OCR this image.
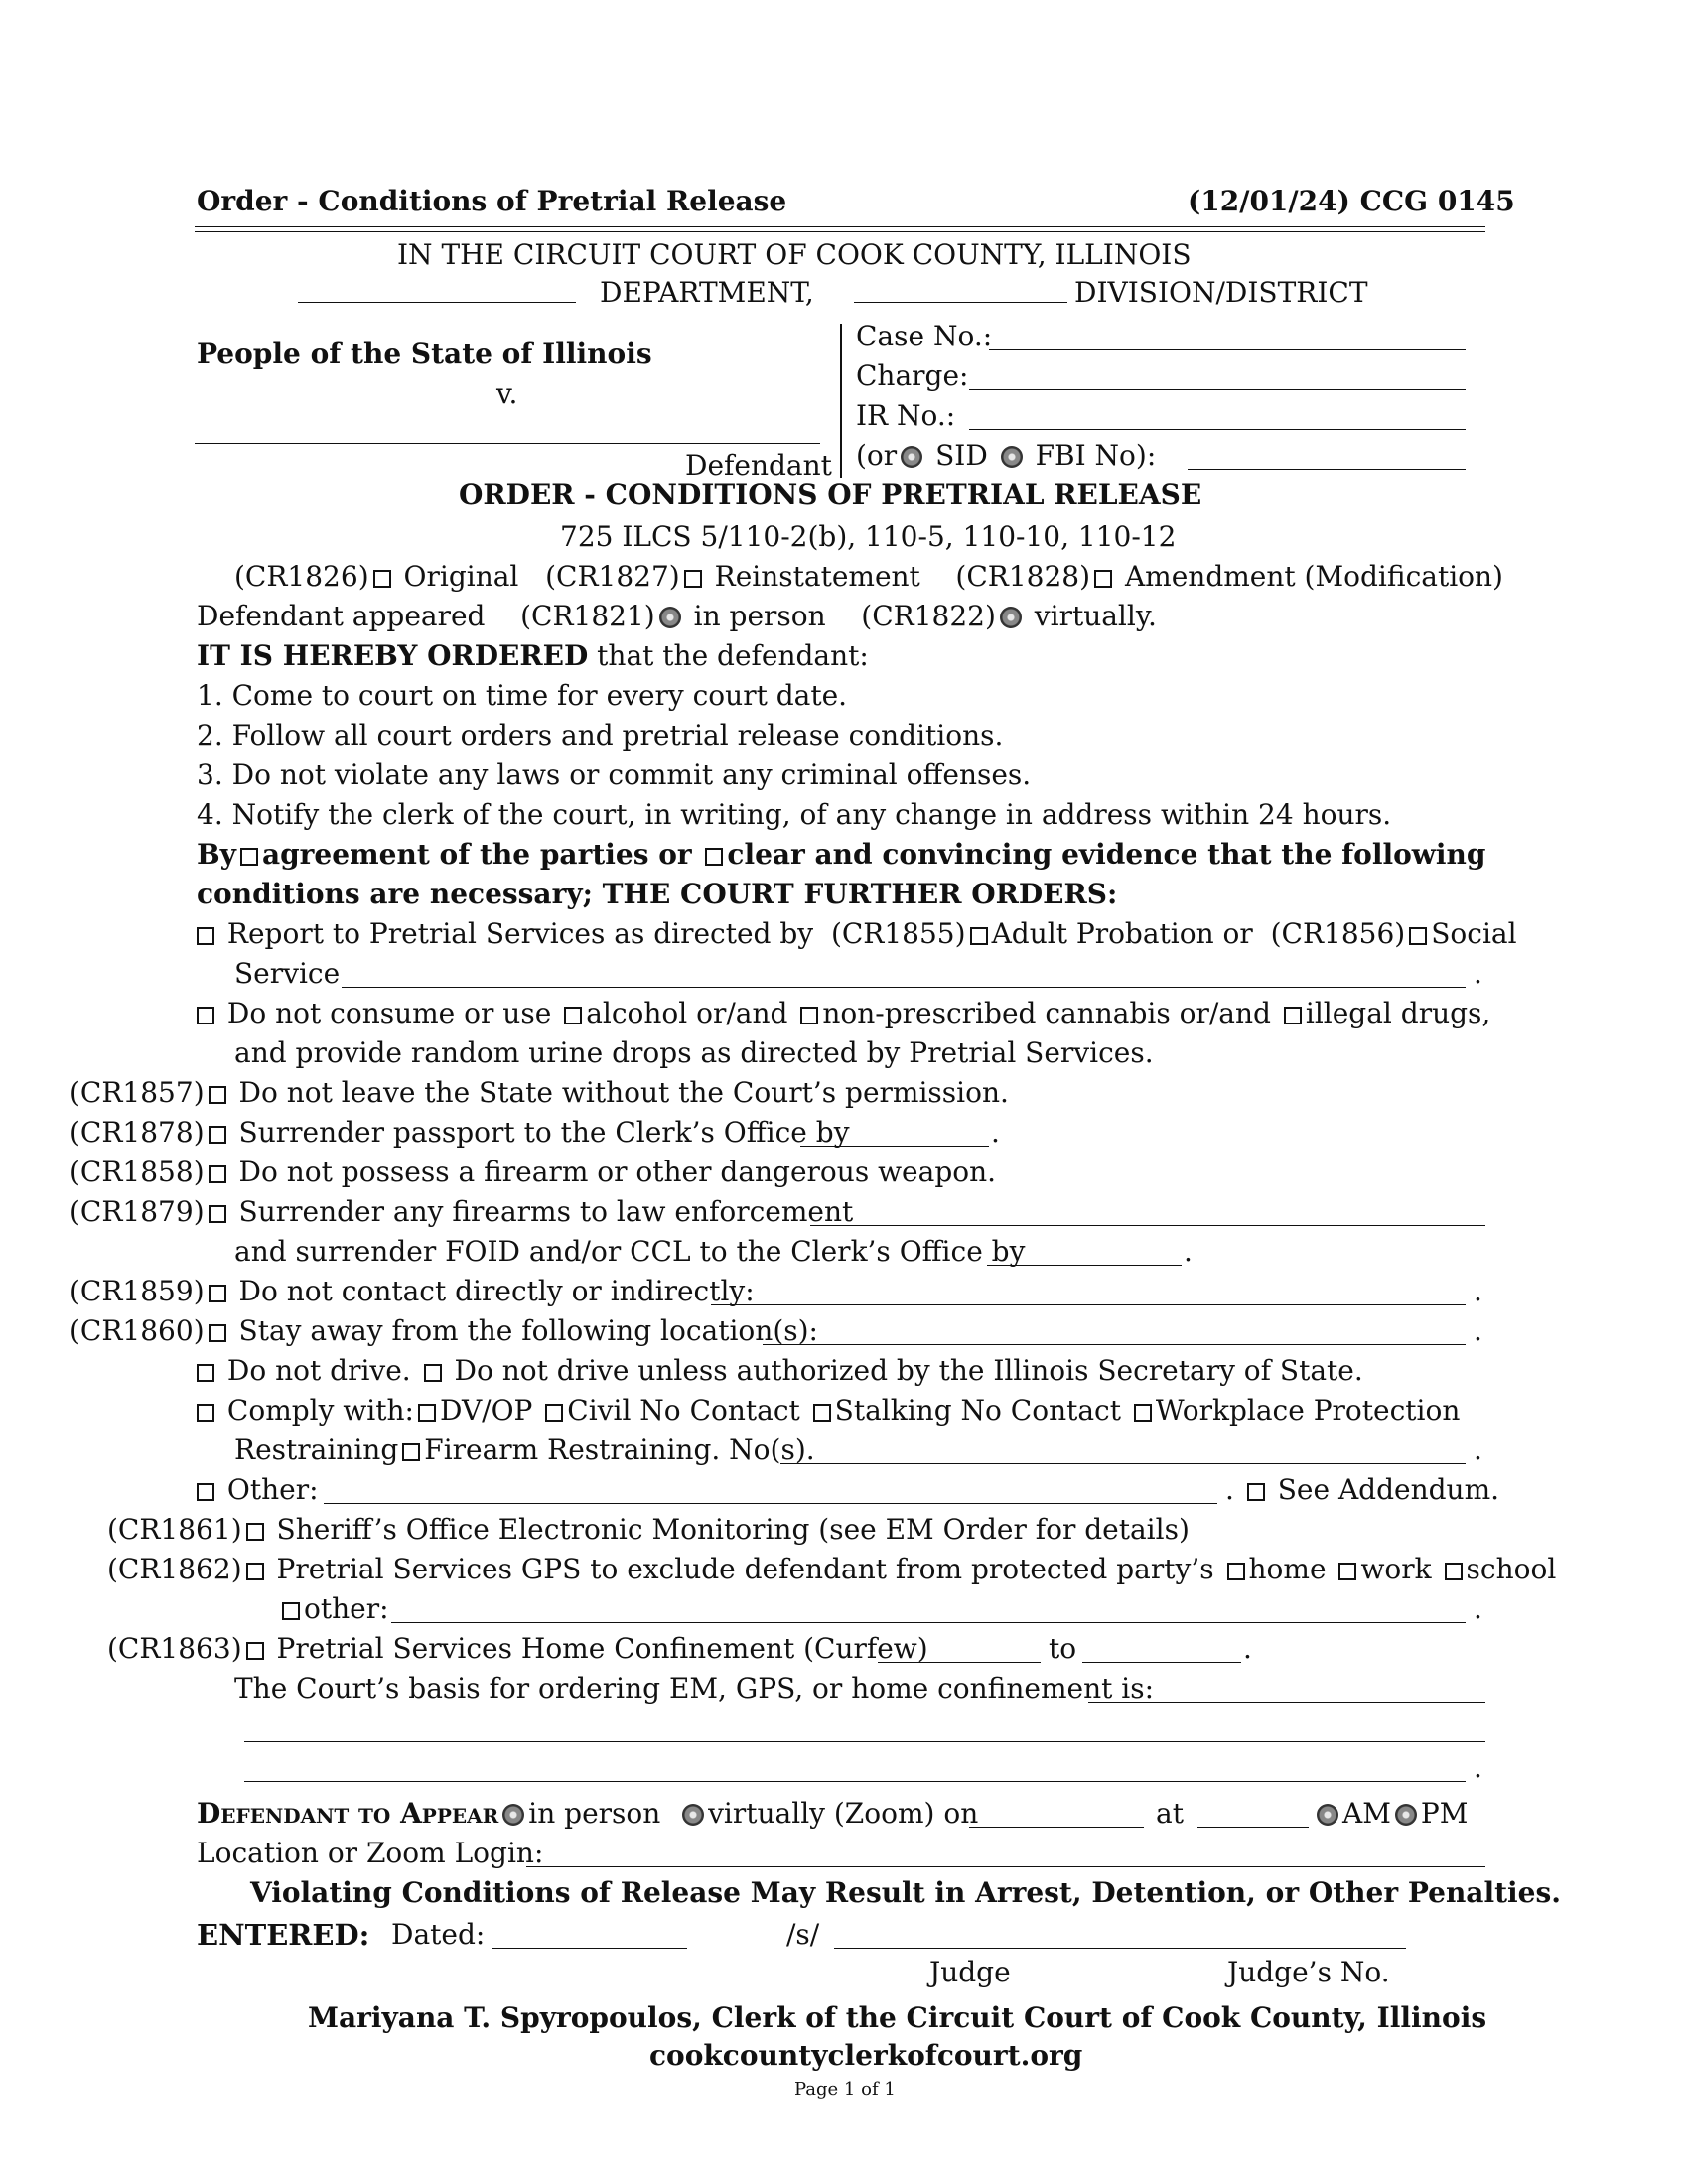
Order - Conditions of Pretrial Release	(12/01/24) CCG 0145
IN THE CIRCUIT COURT OF COOK COUNTY, ILLINOIS
DEPARTMENT,	DIVISION/DISTRICT
People of the State of Illinois
v.
Defendant
Case No.:
Charge:
IR No.:
(or SID FBI No):
ORDER - CONDITIONS OF PRETRIAL RELEASE
725 ILCS 5/110-2(b), 110-5, 110-10, 110-12
(CR1826) Original (CR1827) Reinstatement (CR1828) Amendment (Modification)
Defendant appeared (CR1821) in person (CR1822) virtually.
IT IS HEREBY ORDERED that the defendant:
1. Come to court on time for every court date.
2. Follow all court orders and pretrial release conditions.
3. Do not violate any laws or commit any criminal offenses.
4. Notify the clerk of the court, in writing, of any change in address within 24 hours.
By agreement of the parties or clear and convincing evidence that the following
conditions are necessary; THE COURT FURTHER ORDERS:
Report to Pretrial Services as directed by (CR1855) Adult Probation or (CR1856) Social
Service	.
Do not consume or use alcohol or/and non-prescribed cannabis or/and illegal drugs,
and provide random urine drops as directed by Pretrial Services.
(CR1857) Do not leave the State without the Court’s permission.
(CR1878) Surrender passport to the Clerk’s Office by	.
(CR1858) Do not possess a firearm or other dangerous weapon.
(CR1879) Surrender any firearms to law enforcement
and surrender FOID and/or CCL to the Clerk’s Office by	.
(CR1859) Do not contact directly or indirectly:	.
(CR1860) Stay away from the following location(s):	.
Do not drive. Do not drive unless authorized by the Illinois Secretary of State.
Comply with: DV/OP Civil No Contact Stalking No Contact Workplace Protection
Restraining Firearm Restraining. No(s).	.
Other:	.  See Addendum.
(CR1861) Sheriff’s Office Electronic Monitoring (see EM Order for details)
(CR1862) Pretrial Services GPS to exclude defendant from protected party’s home work school
other:	.
(CR1863) Pretrial Services Home Confinement (Curfew)	to	.
The Court’s basis for ordering EM, GPS, or home confinement is:
.
Defendant to Appear in person virtually (Zoom) on	at	AM PM
Location or Zoom Login:
Violating Conditions of Release May Result in Arrest, Detention, or Other Penalties.
ENTERED: Dated:	/s/
Judge	Judge’s No.
Mariyana T. Spyropoulos, Clerk of the Circuit Court of Cook County, Illinois
cookcountyclerkofcourt.org
Page 1 of 1
